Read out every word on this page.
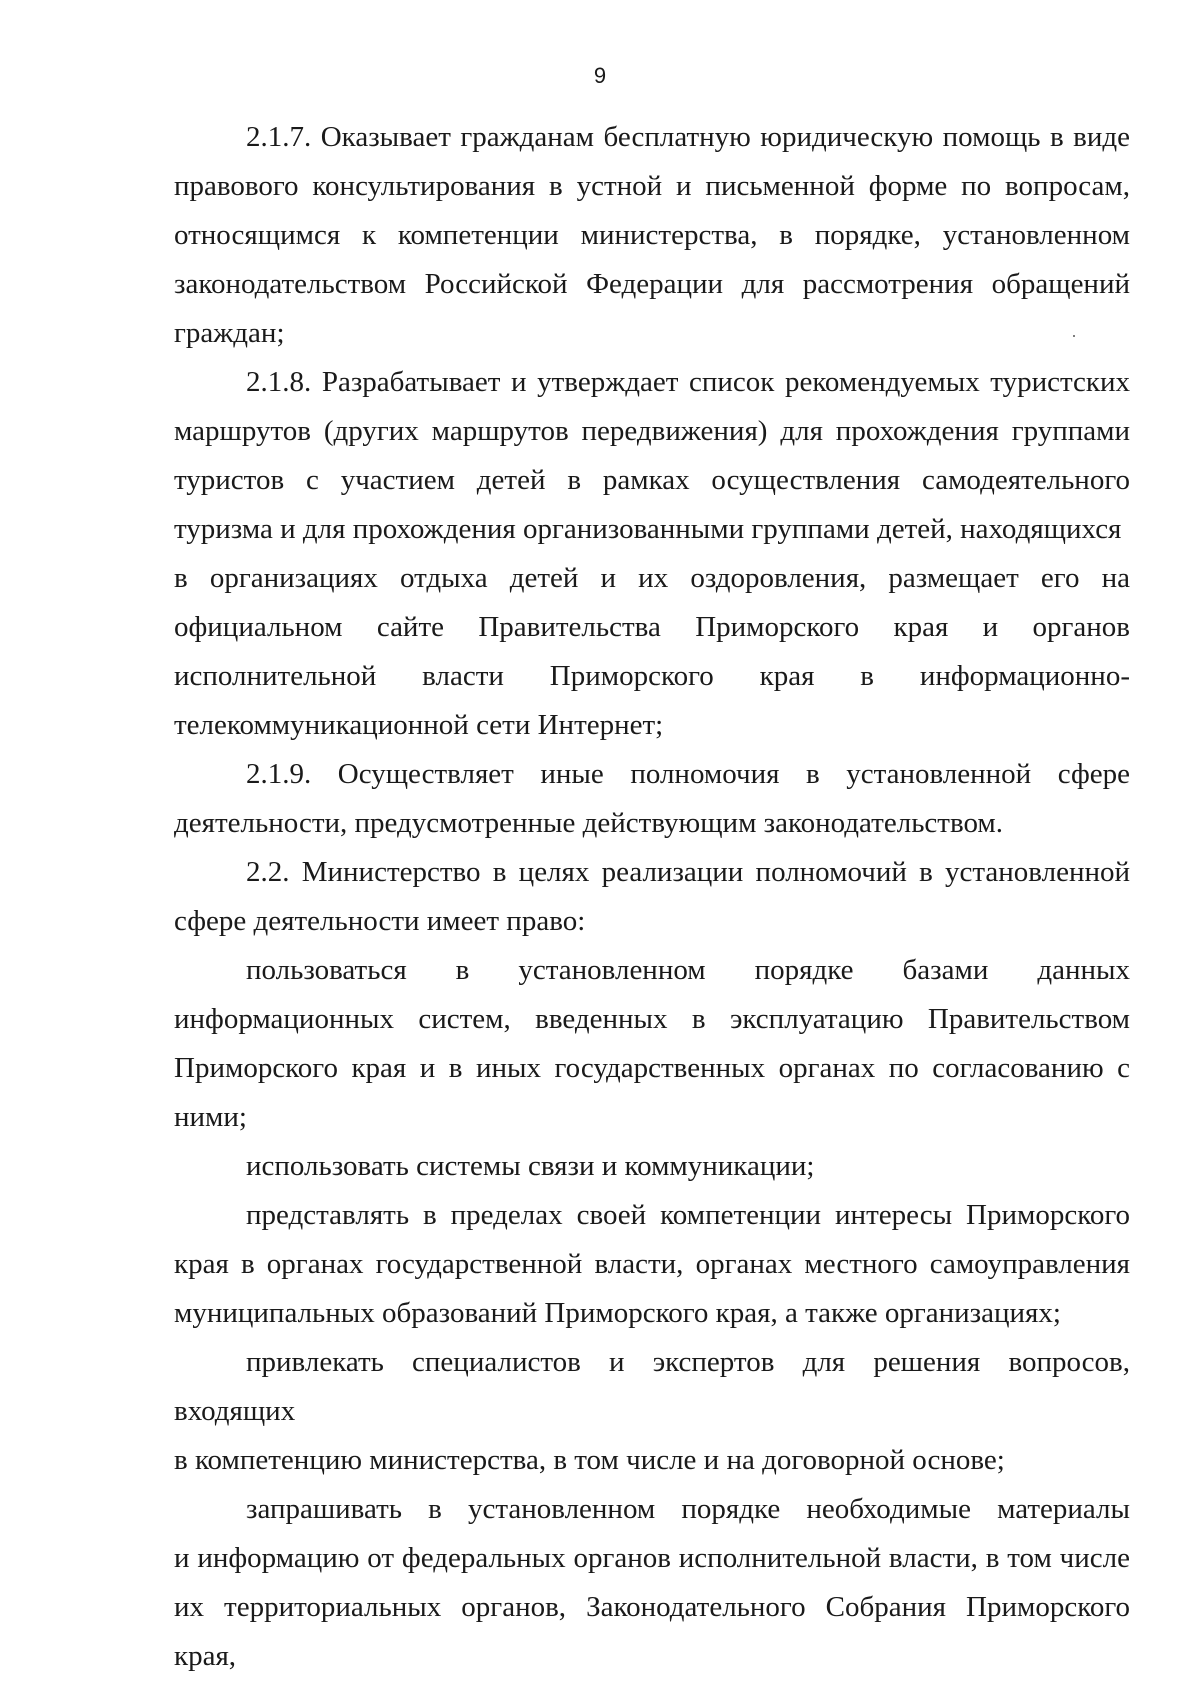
9

2.1.7. Оказывает гражданам бесплатную юридическую помощь в виде правового консультирования в устной и письменной форме по вопросам, относящимся к компетенции министерства, в порядке, установленном законодательством Российской Федерации для рассмотрения обращений граждан;

2.1.8. Разрабатывает и утверждает список рекомендуемых туристских маршрутов (других маршрутов передвижения) для прохождения группами туристов с участием детей в рамках осуществления самодеятельного туризма и для прохождения организованными группами детей, находящихся
в организациях отдыха детей и их оздоровления, размещает его на официальном сайте Правительства Приморского края и органов исполнительной власти Приморского края в информационно-телекоммуникационной сети Интернет;

2.1.9. Осуществляет иные полномочия в установленной сфере деятельности, предусмотренные действующим законодательством.

2.2. Министерство в целях реализации полномочий в установленной сфере деятельности имеет право:

пользоваться в установленном порядке базами данных информационных систем, введенных в эксплуатацию Правительством Приморского края и в иных государственных органах по согласованию с ними;

использовать системы связи и коммуникации;

представлять в пределах своей компетенции интересы Приморского края в органах государственной власти, органах местного самоуправления муниципальных образований Приморского края, а также организациях;

привлекать специалистов и экспертов для решения вопросов, входящих
в компетенцию министерства, в том числе и на договорной основе;

запрашивать в установленном порядке необходимые материалы
и информацию от федеральных органов исполнительной власти, в том числе их территориальных органов, Законодательного Собрания Приморского края,
